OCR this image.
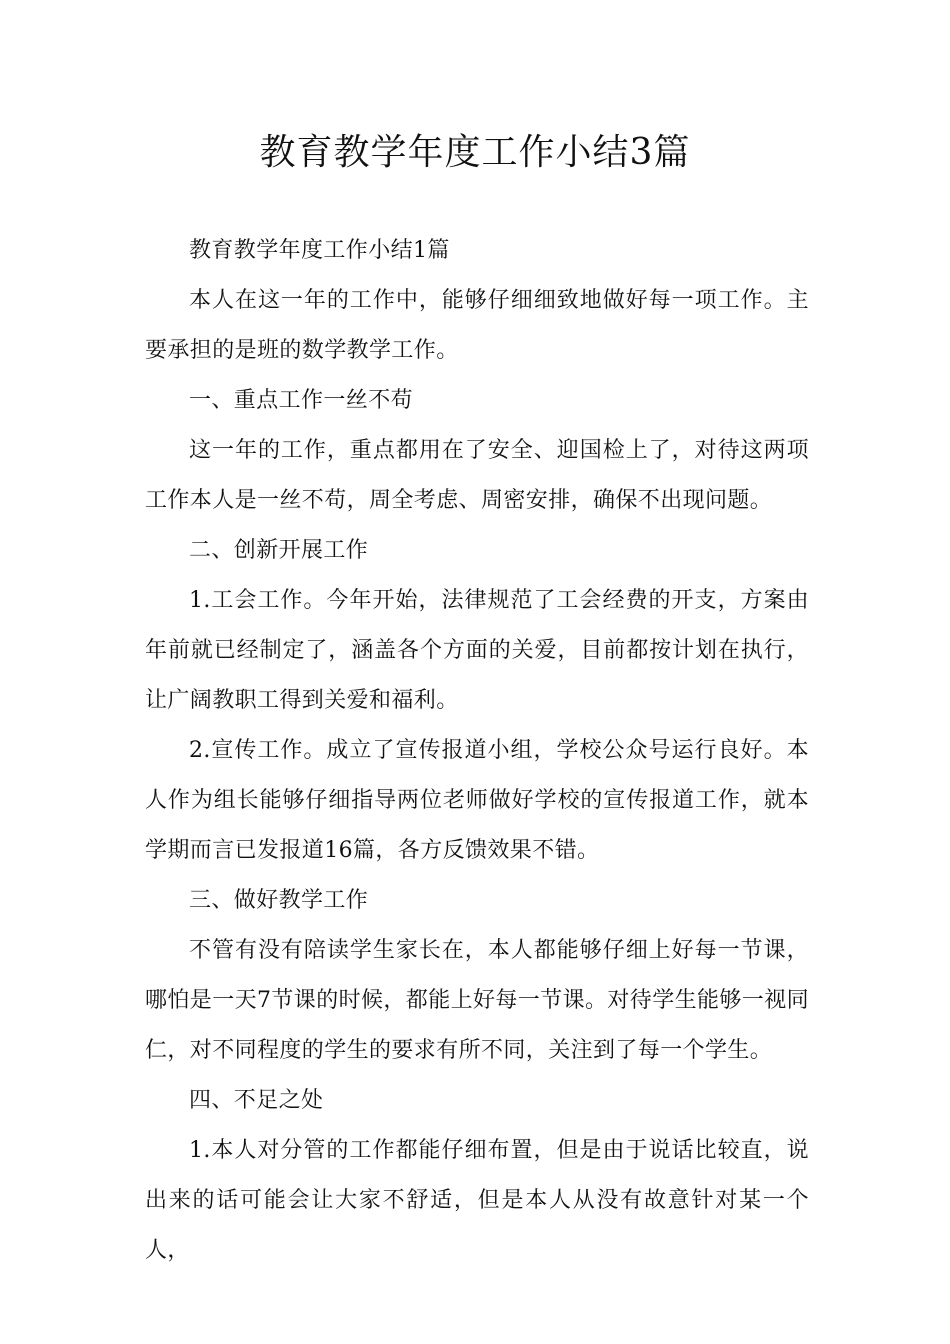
教育教学年度工作小结3篇

教育教学年度工作小结1篇

本人在这一年的工作中，能够仔细细致地做好每一项工作。主要承担的是班的数学教学工作。

一、重点工作一丝不苟

这一年的工作，重点都用在了安全、迎国检上了，对待这两项工作本人是一丝不苟，周全考虑、周密安排，确保不出现问题。

二、创新开展工作

1.工会工作。今年开始，法律规范了工会经费的开支，方案由年前就已经制定了，涵盖各个方面的关爱，目前都按计划在执行，让广阔教职工得到关爱和福利。

2.宣传工作。成立了宣传报道小组，学校公众号运行良好。本人作为组长能够仔细指导两位老师做好学校的宣传报道工作，就本学期而言已发报道16篇，各方反馈效果不错。

三、做好教学工作

不管有没有陪读学生家长在，本人都能够仔细上好每一节课，哪怕是一天7节课的时候，都能上好每一节课。对待学生能够一视同仁，对不同程度的学生的要求有所不同，关注到了每一个学生。

四、不足之处

1.本人对分管的工作都能仔细布置，但是由于说话比较直，说出来的话可能会让大家不舒适，但是本人从没有故意针对某一个人，
